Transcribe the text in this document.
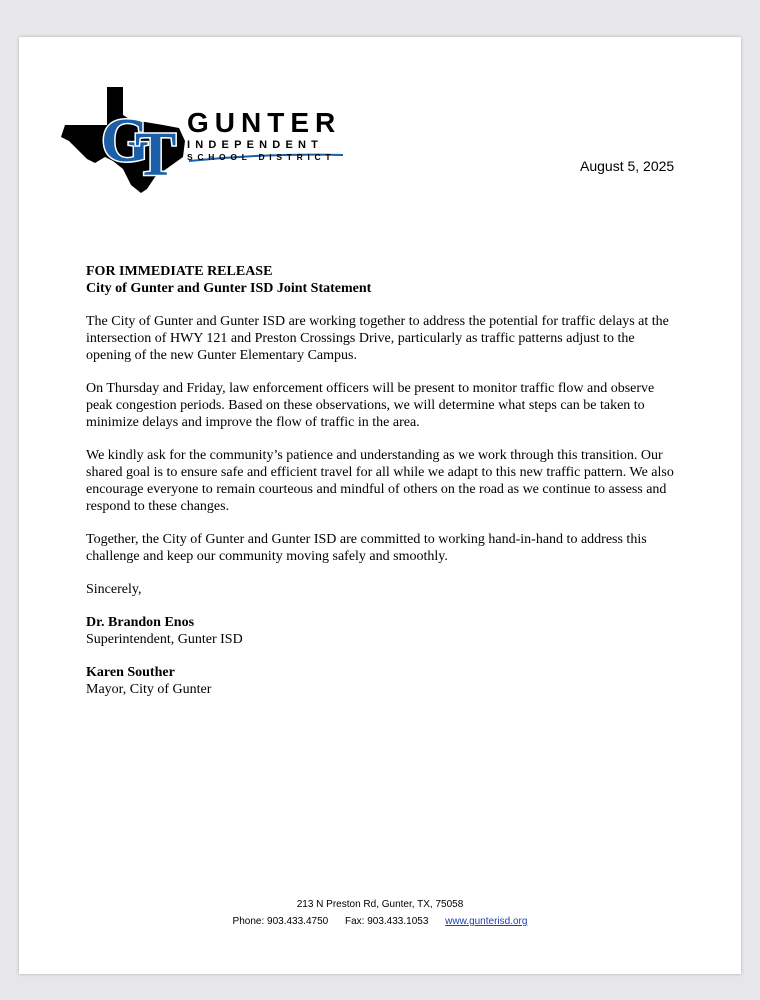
G
T GUNTER
INDEPENDENT
SCHOOL DISTRICT
August 5, 2025

FOR IMMEDIATE RELEASE
City of Gunter and Gunter ISD Joint Statement

The City of Gunter and Gunter ISD are working together to address the potential for traffic delays at the intersection of HWY 121 and Preston Crossings Drive, particularly as traffic patterns adjust to the opening of the new Gunter Elementary Campus.

On Thursday and Friday, law enforcement officers will be present to monitor traffic flow and observe peak congestion periods. Based on these observations, we will determine what steps can be taken to minimize delays and improve the flow of traffic in the area.

We kindly ask for the community’s patience and understanding as we work through this transition. Our shared goal is to ensure safe and efficient travel for all while we adapt to this new traffic pattern. We also encourage everyone to remain courteous and mindful of others on the road as we continue to assess and respond to these changes.

Together, the City of Gunter and Gunter ISD are committed to working hand-in-hand to address this challenge and keep our community moving safely and smoothly.

Sincerely,

Dr. Brandon Enos
Superintendent, Gunter ISD

Karen Souther
Mayor, City of Gunter

213 N Preston Rd, Gunter, TX, 75058
Phone: 903.433.4750 Fax: 903.433.1053 www.gunterisd.org
